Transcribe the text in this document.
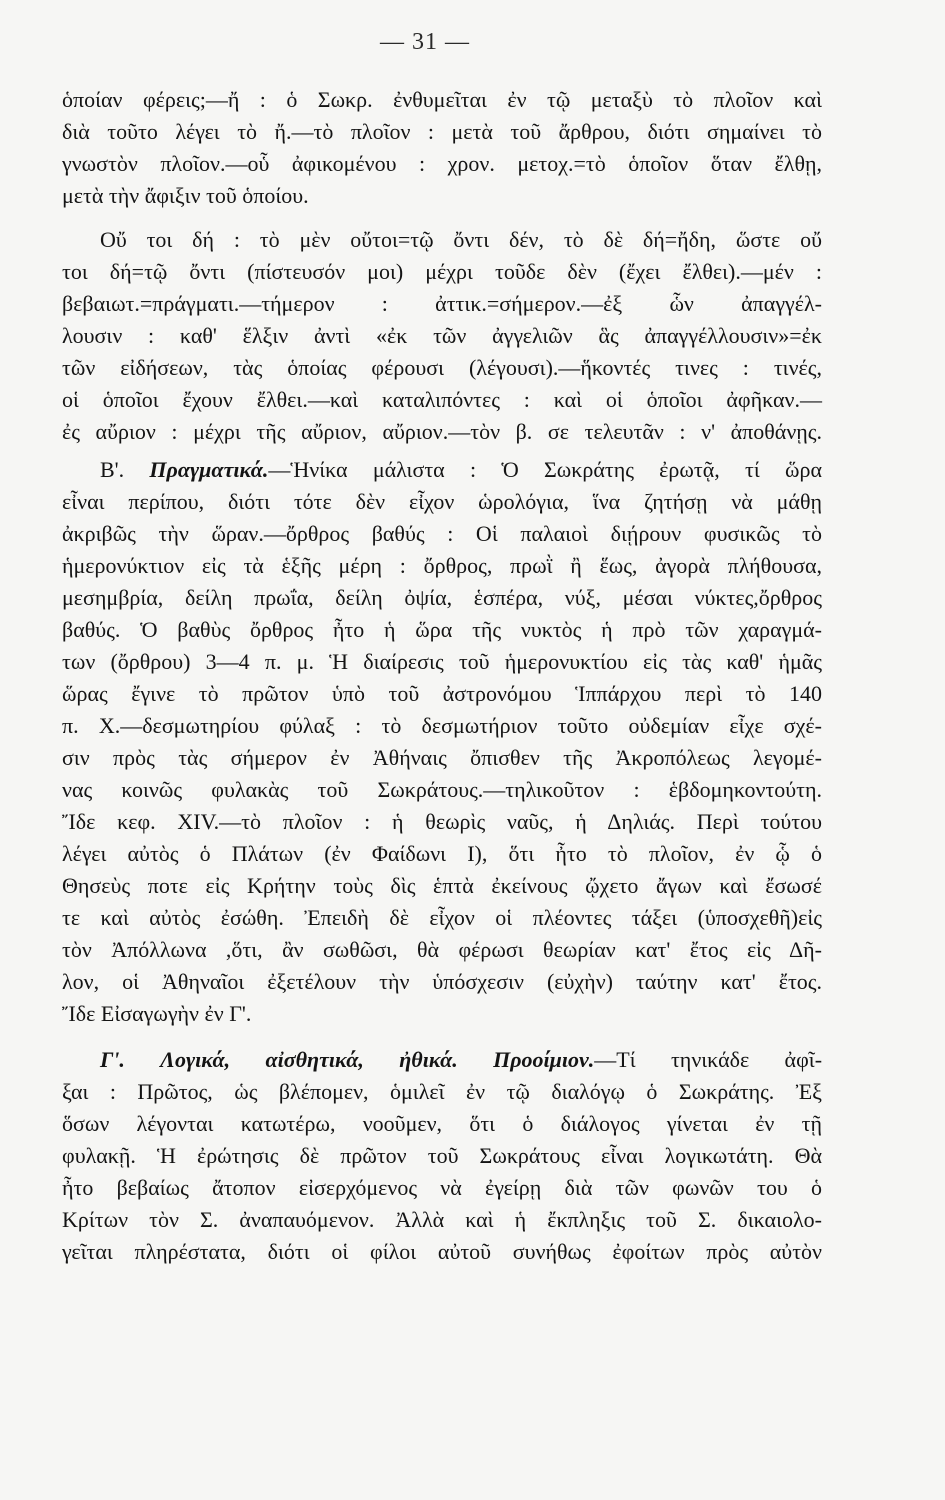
— 31 —
ὁποίαν φέρεις;—ἤ : ὁ Σωκρ. ἐνθυμεῖται ἐν τῷ μεταξὺ τὸ πλοῖον καὶ
διὰ τοῦτο λέγει τὸ ἤ.—τὸ πλοῖον : μετὰ τοῦ ἄρθρου, διότι σημαίνει τὸ
γνωστὸν πλοῖον.—οὗ ἀφικομένου : χρον. μετοχ.=τὸ ὁποῖον ὅταν ἔλθῃ,
μετὰ τὴν ἄφιξιν τοῦ ὁποίου.
Οὔ τοι δή : τὸ μὲν οὔτοι=τῷ ὄντι δέν, τὸ δὲ δή=ἤδη, ὥστε οὔ
τοι δή=τῷ ὄντι (πίστευσόν μοι) μέχρι τοῦδε δὲν (ἔχει ἔλθει).—μέν :
βεβαιωτ.=πράγματι.—τήμερον : ἀττικ.=σήμερον.—ἐξ ὧν ἀπαγγέλ-
λουσιν : καθ' ἕλξιν ἀντὶ «ἐκ τῶν ἀγγελιῶν ἃς ἀπαγγέλλουσιν»=ἐκ
τῶν εἰδήσεων, τὰς ὁποίας φέρουσι (λέγουσι).—ἥκοντές τινες : τινές,
οἱ ὁποῖοι ἔχουν ἔλθει.—καὶ καταλιπόντες : καὶ οἱ ὁποῖοι ἀφῆκαν.—
ἐς αὔριον : μέχρι τῆς αὔριον, αὔριον.—τὸν β. σε τελευτᾶν : ν' ἀποθάνῃς.
Β'. Πραγματικά.—Ἡνίκα μάλιστα : Ὁ Σωκράτης ἐρωτᾷ, τί ὥρα
εἶναι περίπου, διότι τότε δὲν εἶχον ὡρολόγια, ἵνα ζητήσῃ νὰ μάθῃ
ἀκριβῶς τὴν ὥραν.—ὄρθρος βαθύς : Οἱ παλαιοὶ διῄρουν φυσικῶς τὸ
ἡμερονύκτιον εἰς τὰ ἑξῆς μέρη : ὄρθρος, πρωῒ ἢ ἕως, ἀγορὰ πλήθουσα,
μεσημβρία, δείλη πρωΐα, δείλη ὀψία, ἑσπέρα, νύξ, μέσαι νύκτες,ὄρθρος
βαθύς. Ὁ βαθὺς ὄρθρος ἦτο ἡ ὥρα τῆς νυκτὸς ἡ πρὸ τῶν χαραγμά-
των (ὄρθρου) 3—4 π. μ. Ἡ διαίρεσις τοῦ ἡμερονυκτίου εἰς τὰς καθ' ἡμᾶς
ὥρας ἔγινε τὸ πρῶτον ὑπὸ τοῦ ἀστρονόμου Ἱππάρχου περὶ τὸ 140
π. Χ.—δεσμωτηρίου φύλαξ : τὸ δεσμωτήριον τοῦτο οὐδεμίαν εἶχε σχέ-
σιν πρὸς τὰς σήμερον ἐν Ἀθήναις ὄπισθεν τῆς Ἀκροπόλεως λεγομέ-
νας κοινῶς φυλακὰς τοῦ Σωκράτους.—τηλικοῦτον : ἑβδομηκοντούτη.
Ἴδε κεφ. XIV.—τὸ πλοῖον : ἡ θεωρὶς ναῦς, ἡ Δηλιάς. Περὶ τούτου
λέγει αὐτὸς ὁ Πλάτων (ἐν Φαίδωνι I), ὅτι ἦτο τὸ πλοῖον, ἐν ᾧ ὁ
Θησεὺς ποτε εἰς Κρήτην τοὺς δὶς ἑπτὰ ἐκείνους ᾤχετο ἄγων καὶ ἔσωσέ
τε καὶ αὐτὸς ἐσώθη. Ἐπειδὴ δὲ εἶχον οἱ πλέοντες τάξει (ὑποσχεθῆ)εἰς
τὸν Ἀπόλλωνα ,ὅτι, ἂν σωθῶσι, θὰ φέρωσι θεωρίαν κατ' ἔτος εἰς Δῆ-
λον, οἱ Ἀθηναῖοι ἐξετέλουν τὴν ὑπόσχεσιν (εὐχὴν) ταύτην κατ' ἔτος.
Ἴδε Εἰσαγωγὴν ἐν Γ'.
Γ'. Λογικά, αἰσθητικά, ἠθικά. Προοίμιον.—Τί τηνικάδε ἀφῖ-
ξαι : Πρῶτος, ὡς βλέπομεν, ὁμιλεῖ ἐν τῷ διαλόγῳ ὁ Σωκράτης. Ἐξ
ὅσων λέγονται κατωτέρω, νοοῦμεν, ὅτι ὁ διάλογος γίνεται ἐν τῇ
φυλακῇ. Ἡ ἐρώτησις δὲ πρῶτον τοῦ Σωκράτους εἶναι λογικωτάτη. Θὰ
ἦτο βεβαίως ἄτοπον εἰσερχόμενος νὰ ἐγείρῃ διὰ τῶν φωνῶν του ὁ
Κρίτων τὸν Σ. ἀναπαυόμενον. Ἀλλὰ καὶ ἡ ἔκπληξις τοῦ Σ. δικαιολο-
γεῖται πληρέστατα, διότι οἱ φίλοι αὐτοῦ συνήθως ἐφοίτων πρὸς αὐτὸν
